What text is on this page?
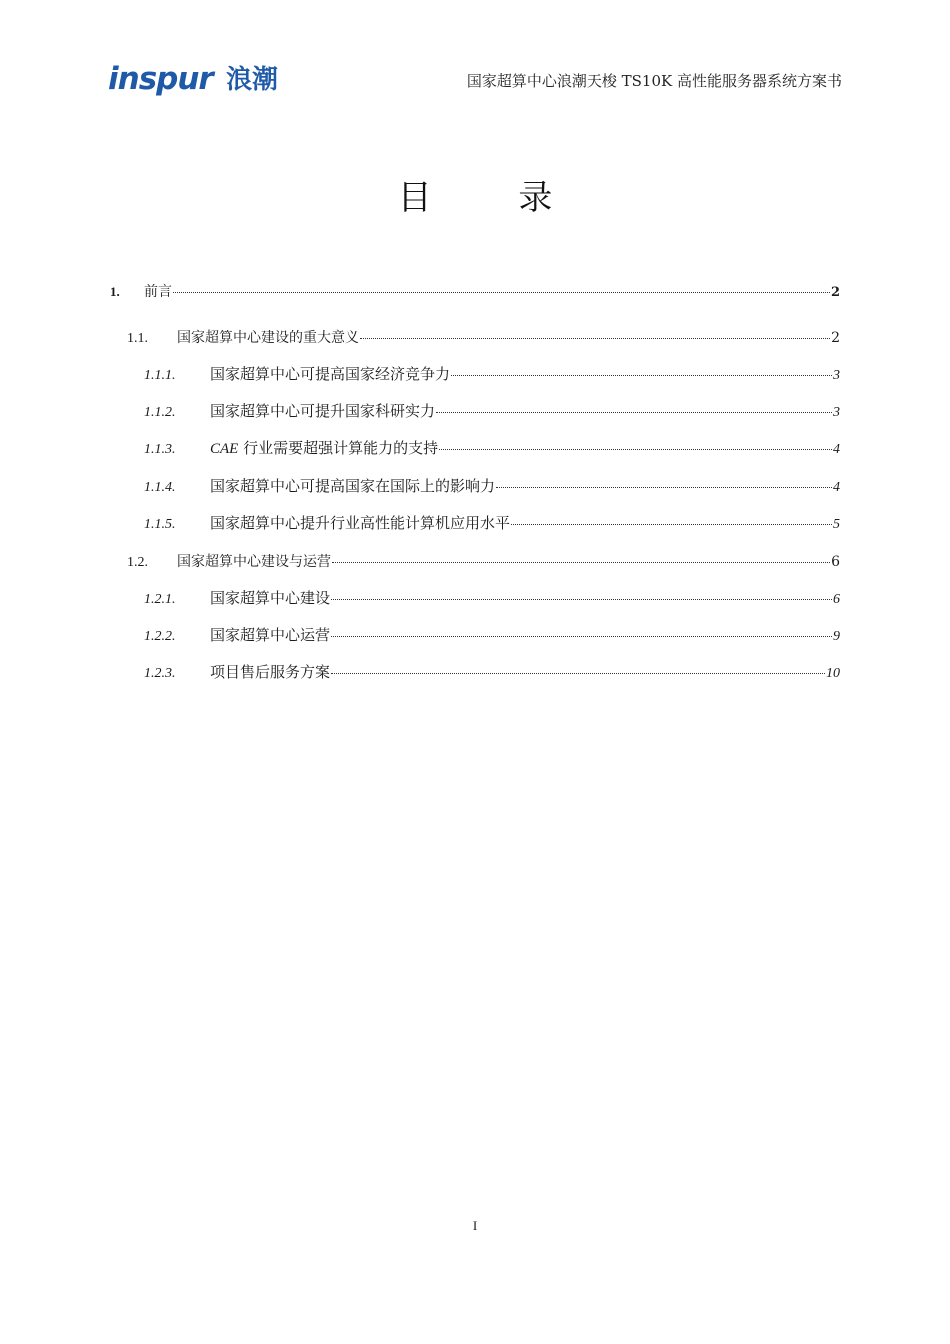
inspur 浪潮	国家超算中心浪潮天梭 TS10K 高性能服务器系统方案书
目 录
1.	前言	2
1.1.	国家超算中心建设的重大意义	2
1.1.1.	国家超算中心可提高国家经济竞争力	3
1.1.2.	国家超算中心可提升国家科研实力	3
1.1.3.	CAE 行业需要超强计算能力的支持	4
1.1.4.	国家超算中心可提高国家在国际上的影响力	4
1.1.5.	国家超算中心提升行业高性能计算机应用水平	5
1.2.	国家超算中心建设与运营	6
1.2.1.	国家超算中心建设	6
1.2.2.	国家超算中心运营	9
1.2.3.	项目售后服务方案	10
I
